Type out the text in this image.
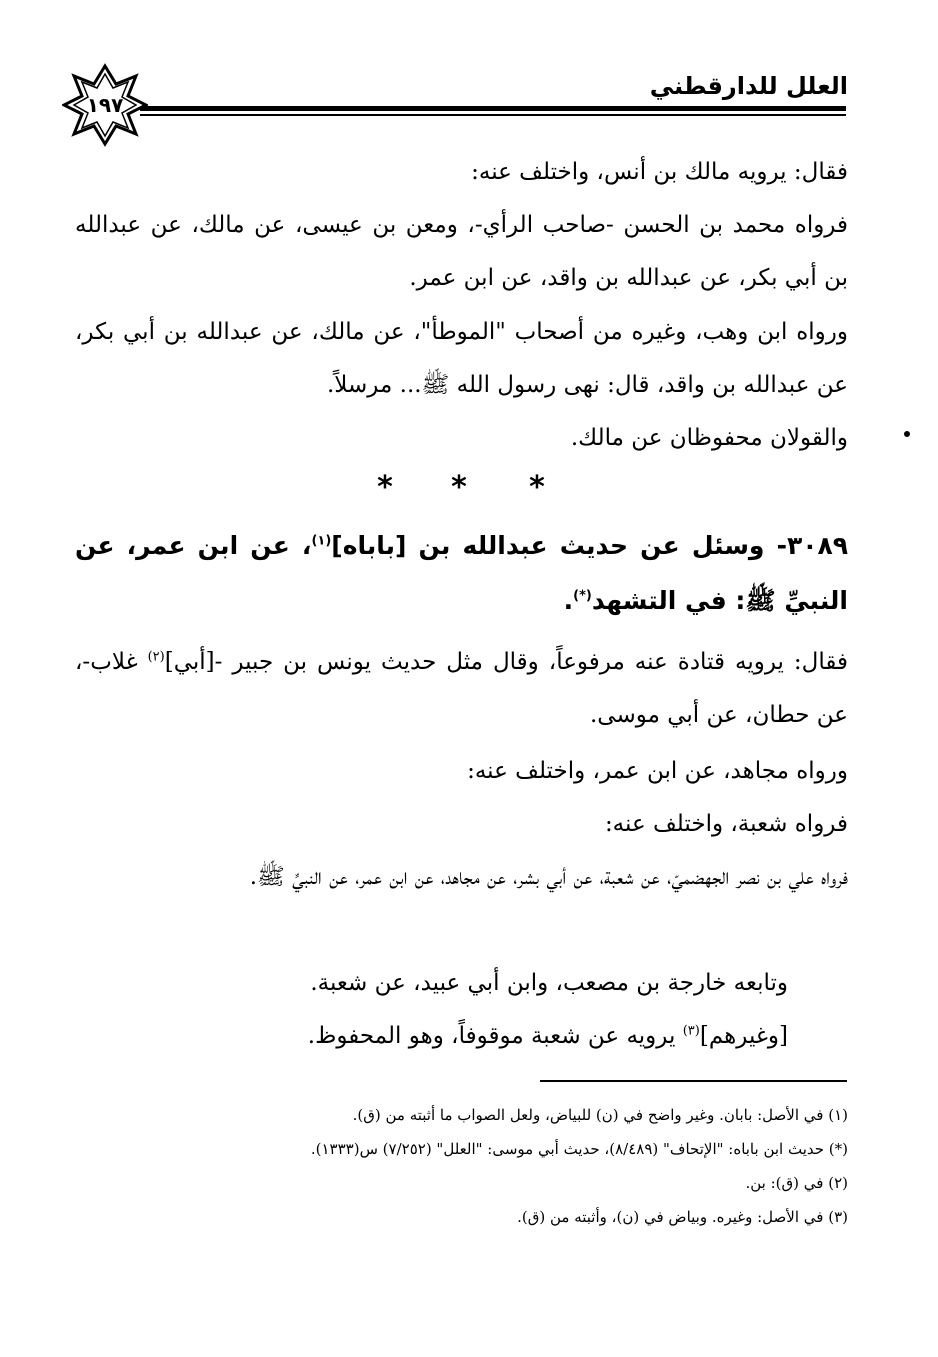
العلل للدارقطني
١٩٧
فقال: يرويه مالك بن أنس، واختلف عنه:
فرواه محمد بن الحسن -صاحب الرأي-، ومعن بن عيسى، عن مالك، عن عبدالله بن أبي بكر، عن عبدالله بن واقد، عن ابن عمر.
ورواه ابن وهب، وغيره من أصحاب "الموطأ"، عن مالك، عن عبدالله بن أبي بكر، عن عبدالله بن واقد، قال: نهى رسول الله ﷺ... مرسلاً.
والقولان محفوظان عن مالك.
* * *
٣٠٨٩- وسئل عن حديث عبدالله بن [باباه]$^{(١)}$، عن ابن عمر، عن النبيِّ ﷺ: في التشهد(*).
فقال: يرويه قتادة عنه مرفوعاً، وقال مثل حديث يونس بن جبير -[أبي]$^{(٢)}$ غلاب-، عن حطان، عن أبي موسى.
ورواه مجاهد، عن ابن عمر، واختلف عنه:
فرواه شعبة، واختلف عنه:
فرواه علي بن نصر الجهضميّ، عن شعبة، عن أبي بشر، عن مجاهد، عن ابن عمر، عن النبيِّ ﷺ.
وتابعه خارجة بن مصعب، وابن أبي عبيد، عن شعبة.
[وغيرهم]$^{(٣)}$ يرويه عن شعبة موقوفاً، وهو المحفوظ.
(١) في الأصل: بابان. وغير واضح في (ن) للبياض، ولعل الصواب ما أثبته من (ق).
(*) حديث ابن باباه: "الإتحاف" (٨/٤٨٩)، حديث أبي موسى: "العلل" (٧/٢٥٢) س(١٣٣٣).
(٢) في (ق): بن.
(٣) في الأصل: وغيره. وبياض في (ن)، وأثبته من (ق).
